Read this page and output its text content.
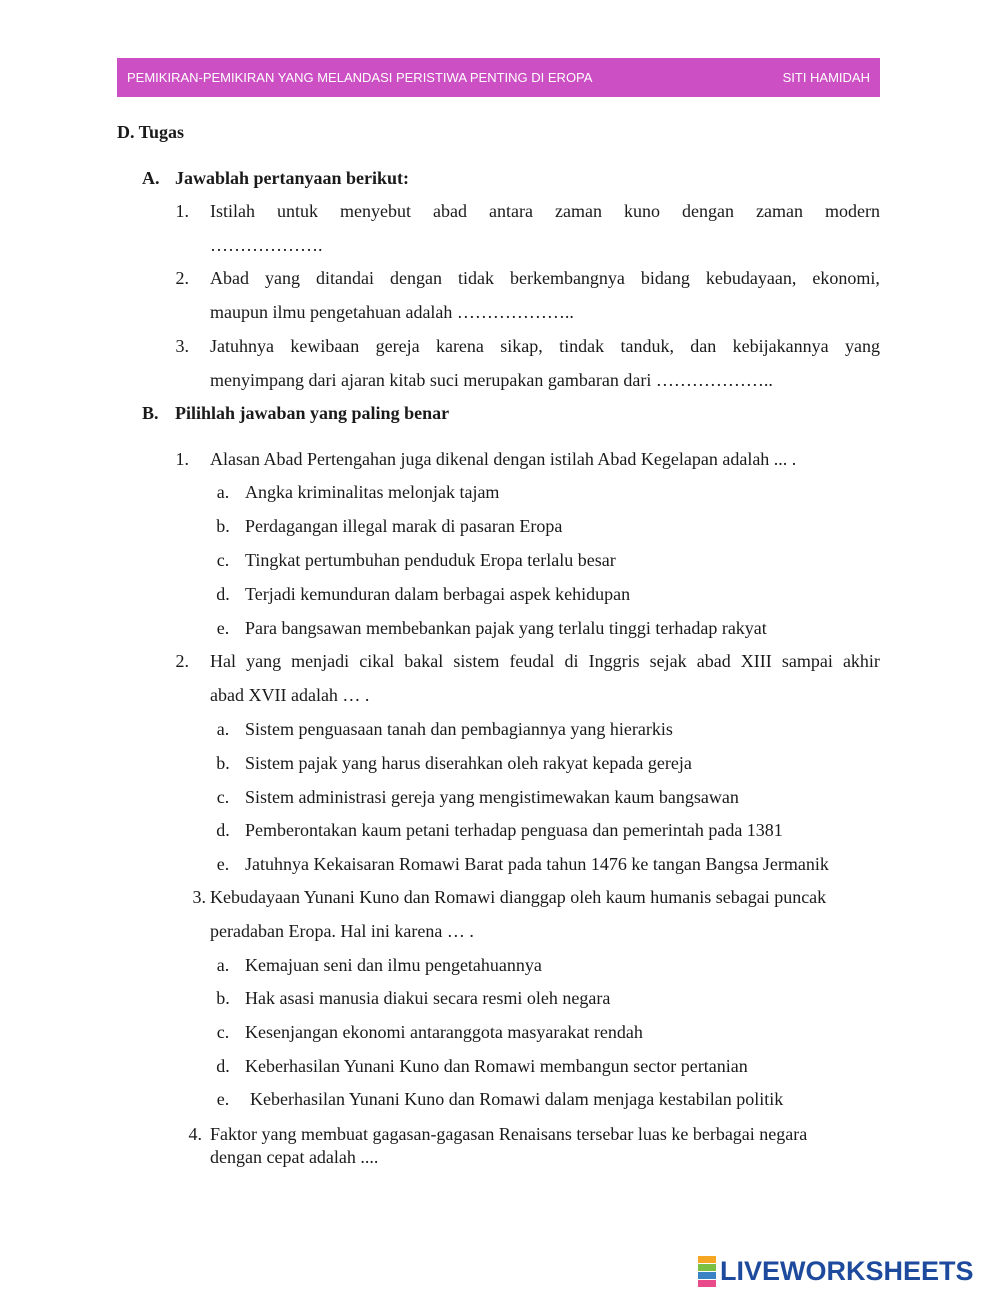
PEMIKIRAN-PEMIKIRAN YANG MELANDASI PERISTIWA PENTING DI EROPA	SITI HAMIDAH
D. Tugas
A. Jawablah pertanyaan berikut:
1. Istilah untuk menyebut abad antara zaman kuno dengan zaman modern
……………….
2. Abad yang ditandai dengan tidak berkembangnya bidang kebudayaan, ekonomi,
maupun ilmu pengetahuan adalah ………………..
3. Jatuhnya kewibaan gereja karena sikap, tindak tanduk, dan kebijakannya yang
menyimpang dari ajaran kitab suci merupakan gambaran dari ………………..
B. Pilihlah jawaban yang paling benar
1. Alasan Abad Pertengahan juga dikenal dengan istilah Abad Kegelapan adalah ... .
a. Angka kriminalitas melonjak tajam
b. Perdagangan illegal marak di pasaran Eropa
c. Tingkat pertumbuhan penduduk Eropa terlalu besar
d. Terjadi kemunduran dalam berbagai aspek kehidupan
e. Para bangsawan membebankan pajak yang terlalu tinggi terhadap rakyat
2. Hal yang menjadi cikal bakal sistem feudal di Inggris sejak abad XIII sampai akhir
abad XVII adalah … .
a. Sistem penguasaan tanah dan pembagiannya yang hierarkis
b. Sistem pajak yang harus diserahkan oleh rakyat kepada gereja
c. Sistem administrasi gereja yang mengistimewakan kaum bangsawan
d. Pemberontakan kaum petani terhadap penguasa dan pemerintah pada 1381
e. Jatuhnya Kekaisaran Romawi Barat pada tahun 1476 ke tangan Bangsa Jermanik
3. Kebudayaan Yunani Kuno dan Romawi dianggap oleh kaum humanis sebagai puncak
peradaban Eropa. Hal ini karena … .
a. Kemajuan seni dan ilmu pengetahuannya
b. Hak asasi manusia diakui secara resmi oleh negara
c. Kesenjangan ekonomi antaranggota masyarakat rendah
d. Keberhasilan Yunani Kuno dan Romawi membangun sector pertanian
e.	Keberhasilan Yunani Kuno dan Romawi dalam menjaga kestabilan politik
4. Faktor yang membuat gagasan-gagasan Renaisans tersebar luas ke berbagai negara
dengan cepat adalah ....
LIVEWORKSHEETS
